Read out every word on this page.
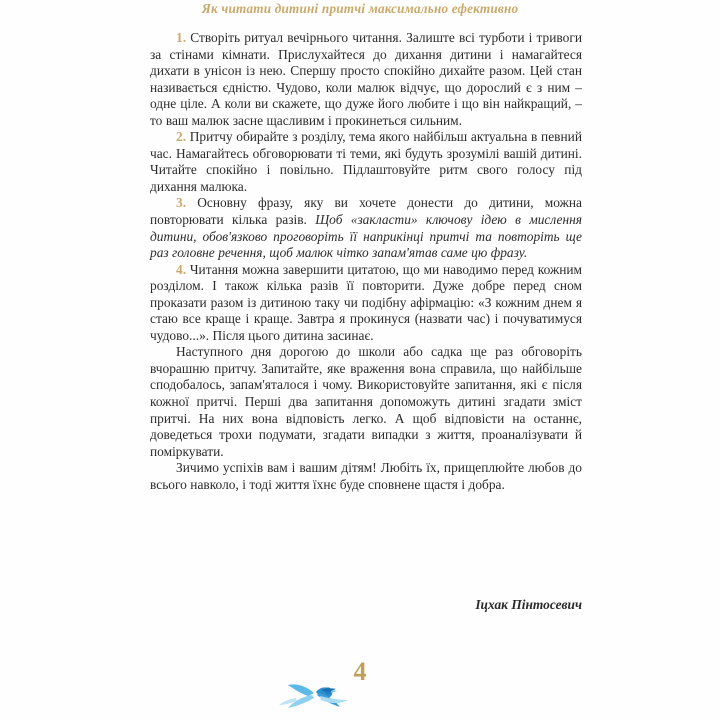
Як читати дитині притчі максимально ефективно

1. Створіть ритуал вечірнього читання. Залиште всі турботи і тривоги за стінами кімнати. Прислухайтеся до дихання дитини і намагайтеся дихати в унісон із нею. Спершу просто спокійно дихайте разом. Цей стан називається єдністю. Чудово, коли малюк відчує, що дорослий є з ним – одне ціле. А коли ви скажете, що дуже його любите і що він найкращий, – то ваш малюк засне щасливим і прокинеться сильним.

2. Притчу обирайте з розділу, тема якого найбільш актуальна в певний час. Намагайтесь обговорювати ті теми, які будуть зрозумілі вашій дитині. Читайте спокійно і повільно. Підлаштовуйте ритм свого голосу під дихання малюка.

3. Основну фразу, яку ви хочете донести до дитини, можна повторювати кілька разів. Щоб «закласти» ключову ідею в мислення дитини, обов'язково проговоріть її наприкінці притчі та повторіть ще раз головне речення, щоб малюк чітко запам'ятав саме цю фразу.

4. Читання можна завершити цитатою, що ми наводимо перед кожним розділом. І також кілька разів її повторити. Дуже добре перед сном проказати разом із дитиною таку чи подібну афірмацію: «З кожним днем я стаю все краще і краще. Завтра я прокинуся (назвати час) і почуватимуся чудово...». Після цього дитина засинає.

Наступного дня дорогою до школи або садка ще раз обговоріть вчорашню притчу. Запитайте, яке враження вона справила, що найбільше сподобалось, запам'яталося і чому. Використовуйте запитання, які є після кожної притчі. Перші два запитання допоможуть дитині згадати зміст притчі. На них вона відповість легко. А щоб відповісти на останнє, доведеться трохи подумати, згадати випадки з життя, проаналізувати й поміркувати.

Зичимо успіхів вам і вашим дітям! Любіть їх, прищеплюйте любов до всього навколо, і тоді життя їхнє буде сповнене щастя і добра.

Іцхак Пінтосевич
4
